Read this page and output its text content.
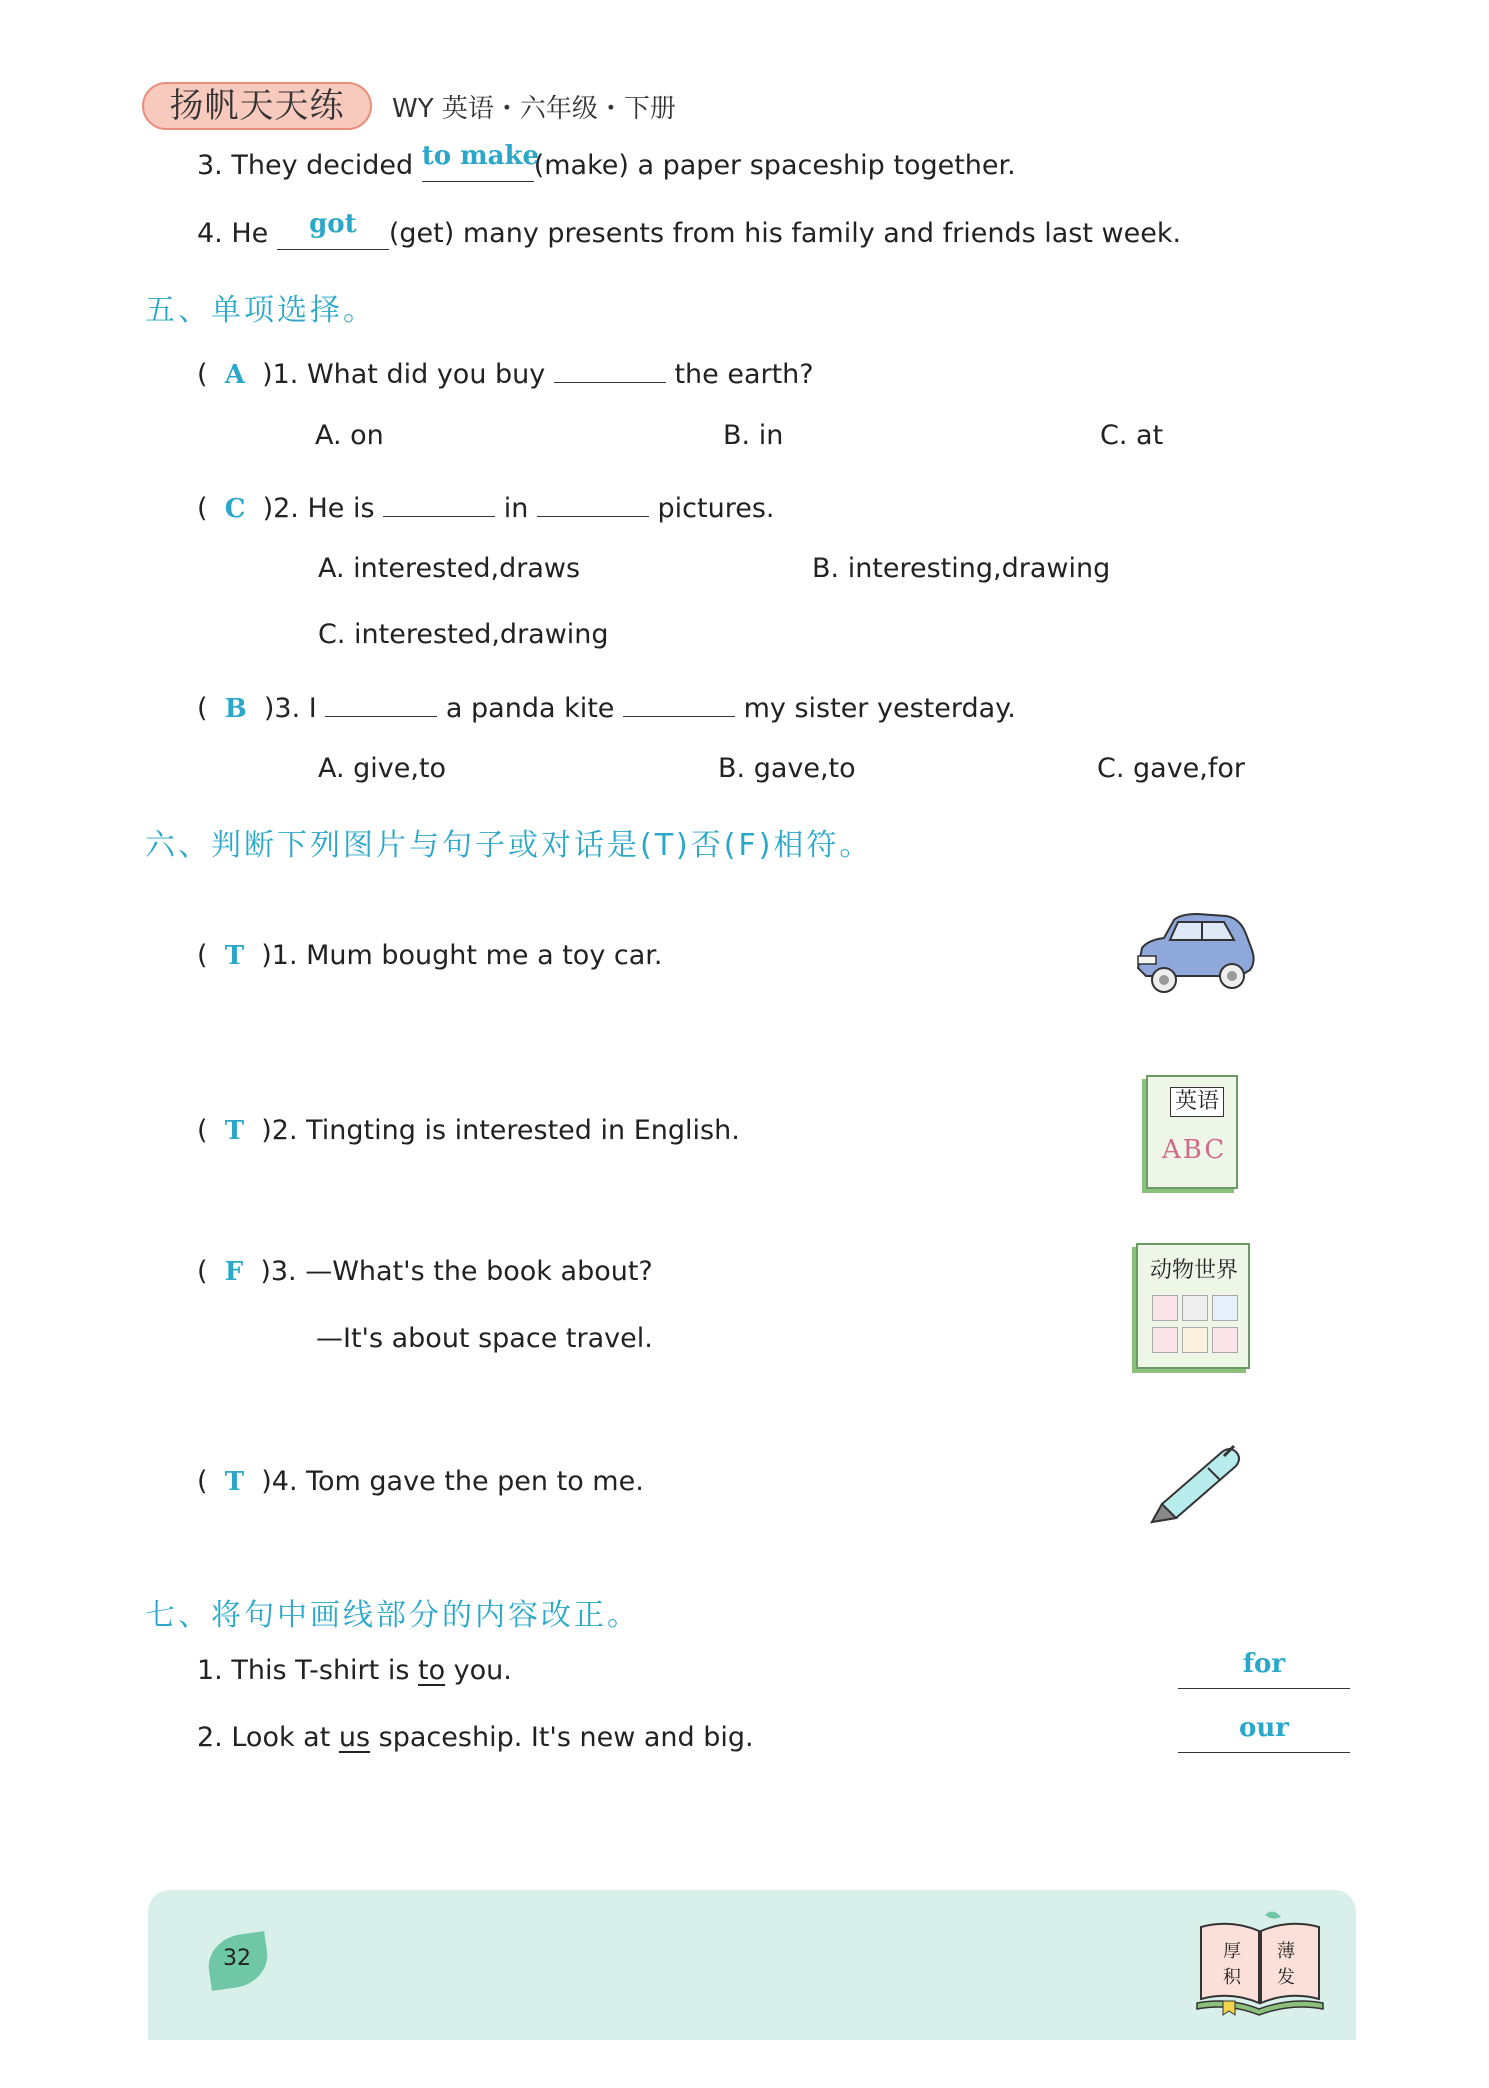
扬帆天天练	WY 英语・六年级・下册
3. They decided to make(make) a paper spaceship together.
4. He got (get) many presents from his family and friends last week.
五、单项选择。
(  A )1. What did you buy	the earth?
A. on	B. in	C. at
(  C )2. He is	in	pictures.
A. interested,draws	B. interesting,drawing
C. interested,drawing
(  B )3. I	a panda kite	my sister yesterday.
A. give,to	B. gave,to	C. gave,for
六、判断下列图片与句子或对话是(T)否(F)相符。
(  T )1. Mum bought me a toy car.
(  T )2. Tingting is interested in English.
英语
ABC
(  F )3. —What's the book about?
—It's about space travel.
动物世界
(  T )4. Tom gave the pen to me.
七、将句中画线部分的内容改正。
1. This T-shirt is to you.	for
2. Look at us spaceship. It's new and big.	our
32	厚 薄
积 发
